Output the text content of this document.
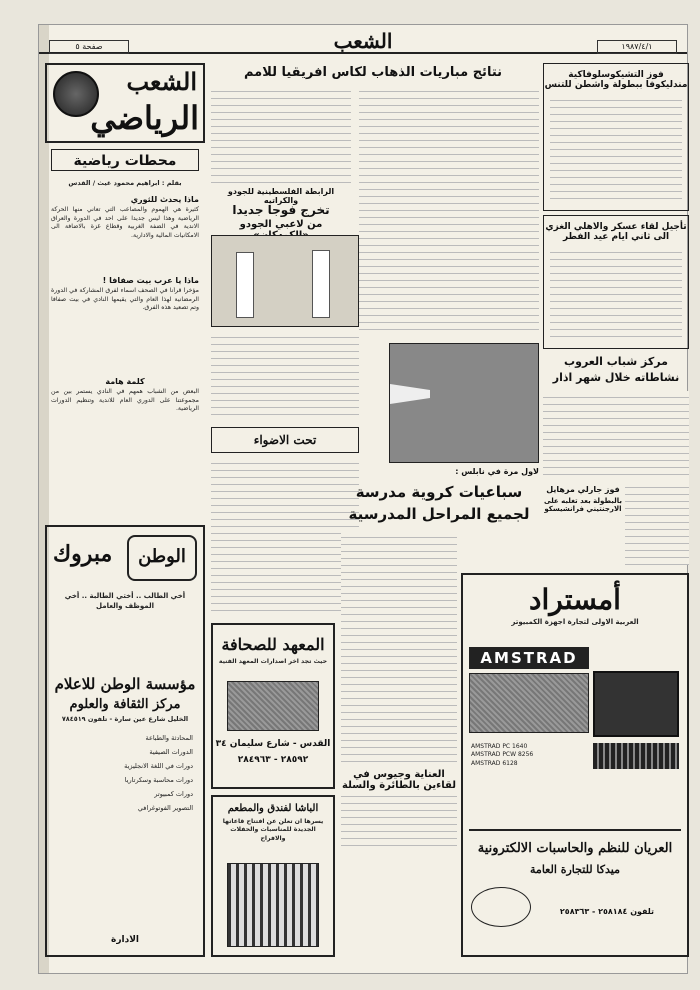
صفحة ٥	الشعب	١٩٨٧/٤/١
الشعب
الرياضي
محطات رياضية
بقلم : ابراهيم محمود غيث / القدس
ماذا يحدث للثوري
كثيرة هي الهموم والمصاعب التي تعاني منها الحركة الرياضية وهذا ليس جديدا على احد في الدورة والعراق الاندية في الضفة الغربية وقطاع غزة بالاضافة الى الامكانيات المالية والادارية.
ماذا يا عرب بيت صفافا !
مؤخرا قرأنا في الصحف اسماء لفرق المشاركة في الدورة الرمضانية لهذا العام والتي يقيمها النادي في بيت صفافا وتم تصعيد هذه الفرق.
كلمة هامة
البعض من الشباب همهم في النادي يستمر بين من مجموعتنا على الدوري العام للاندية وتنظيم الدورات الرياضية.
الوطن
مبروك
أخي الطالب .. أختي الطالبة .. أخي الموظف والعامل
مؤسسة الوطن للاعلام
مركز الثقافة والعلوم
الخليل شارع عين سارة - تلفون ٧٨٤٥١٩
المحادثة والطباعة
الدورات الصيفية
دورات في اللغة الانجليزية
دورات محاسبة وسكرتاريا
دورات كمبيوتر
التصوير الفوتوغرافي
الادارة
نتائج مباريات الذهاب لكاس افريقيا للامم
الرابطة الفلسطينية للجودو والكراتيه
تخرج فوجا جديدا
من لاعبي الجودو
تحت الاضواء
المعهد للصحافة
حيث تجد اخر اصدارات المعهد الفنية
القدس - شارع سليمان ٣٤
٢٨٥٩٢ - ٢٨٤٩٦٣
الباشا لفندق والمطعم
يسرها ان تعلن عن افتتاح قاعاتها الجديدة للمناسبات والحفلات والافراح
لاول مرة في نابلس :
سباعيات كروية مدرسة
لجميع المراحل المدرسية
العناية وجيوس في لقاءين بالطائرة والسلة
فوز التشيكوسلوفاكية
مندليكوفا ببطولة واشطن للتنس
تأجيل لقاء عسكر والاهلي الغزي
الى ثاني ايام عيد الفطر
مركز شباب العروب
نشاطاته خلال شهر اذار
فوز جارلي مرهايل
بالبطولة بعد تغلبه على الارجنتيني فرانشيسكو
أمستراد
العربية الاولى لتجارة اجهزة الكمبيوتر
AMSTRAD
AMSTRAD PC 1640
AMSTRAD PCW 8256
AMSTRAD 6128
العريان للنظم والحاسبات الالكترونية
ميدكا للتجارة العامة
تلفون ٢٥٨١٨٤ - ٢٥٨٣٦٣
